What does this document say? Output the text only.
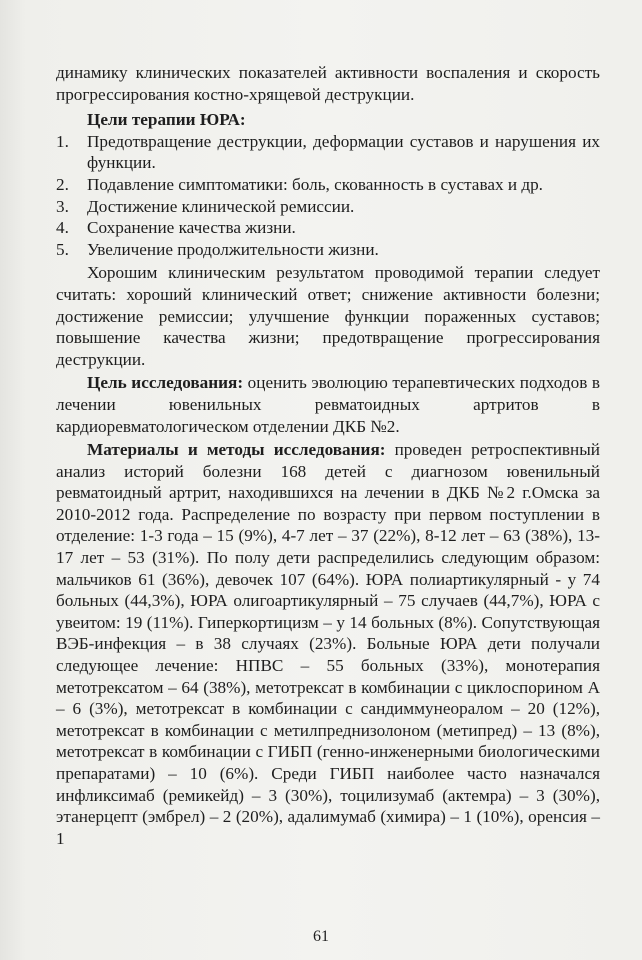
динамику клинических показателей активности воспаления и скорость прогрессирования костно-хрящевой деструкции.

Цели терапии ЮРА:

1. Предотвращение деструкции, деформации суставов и нарушения их функции.
2. Подавление симптоматики: боль, скованность в суставах и др.
3. Достижение клинической ремиссии.
4. Сохранение качества жизни.
5. Увеличение продолжительности жизни.

Хорошим клиническим результатом проводимой терапии следует считать: хороший клинический ответ; снижение активности болезни; достижение ремиссии; улучшение функции пораженных суставов; повышение качества жизни; предотвращение прогрессирования деструкции.

Цель исследования: оценить эволюцию терапевтических подходов в лечении ювенильных ревматоидных артритов в кардиоревматологическом отделении ДКБ №2.

Материалы и методы исследования: проведен ретроспективный анализ историй болезни 168 детей с диагнозом ювенильный ревматоидный артрит, находившихся на лечении в ДКБ №2 г.Омска за 2010-2012 года. Распределение по возрасту при первом поступлении в отделение: 1-3 года – 15 (9%), 4-7 лет – 37 (22%), 8-12 лет – 63 (38%), 13-17 лет – 53 (31%). По полу дети распределились следующим образом: мальчиков 61 (36%), девочек 107 (64%). ЮРА полиартикулярный - у 74 больных (44,3%), ЮРА олигоартикулярный – 75 случаев (44,7%), ЮРА с увеитом: 19 (11%). Гиперкортицизм – у 14 больных (8%). Сопутствующая ВЭБ-инфекция – в 38 случаях (23%). Больные ЮРА дети получали следующее лечение: НПВС – 55 больных (33%), монотерапия метотрексатом – 64 (38%), метотрексат в комбинации с циклоспорином А – 6 (3%), метотрексат в комбинации с сандиммунеоралом – 20 (12%), метотрексат в комбинации с метилпреднизолоном (метипред) – 13 (8%), метотрексат в комбинации с ГИБП (генно-инженерными биологическими препаратами) – 10 (6%). Среди ГИБП наиболее часто назначался инфликсимаб (ремикейд) – 3 (30%), тоцилизумаб (актемра) – 3 (30%), этанерцепт (эмбрел) – 2 (20%), адалимумаб (химира) – 1 (10%), оренсия – 1

61
